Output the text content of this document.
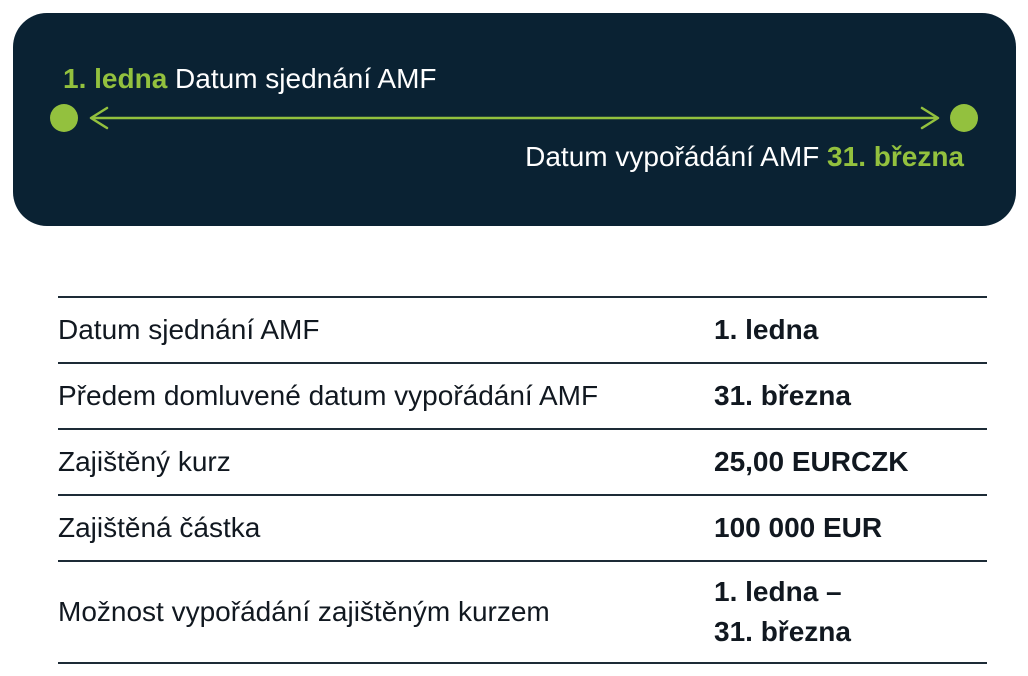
1. ledna Datum sjednání AMF
Datum vypořádání AMF 31. března
Datum sjednání AMF	1. ledna
Předem domluvené datum vypořádání AMF	31. března
Zajištěný kurz	25,00 EURCZK
Zajištěná částka	100 000 EUR
Možnost vypořádání zajištěným kurzem	1. ledna –
31. března
